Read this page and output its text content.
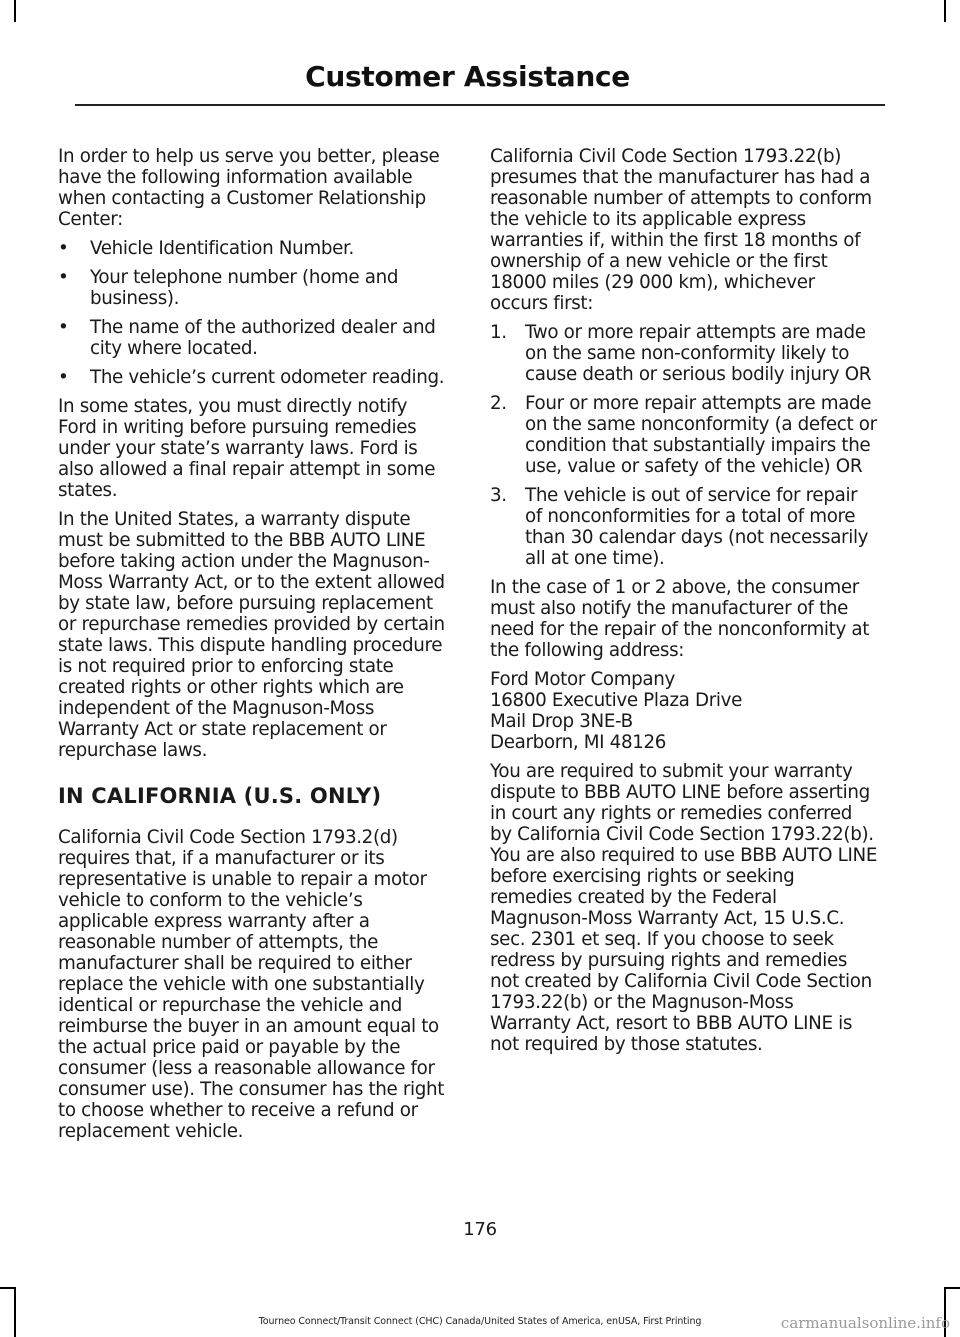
Customer Assistance

In order to help us serve you better, please have the following information available when contacting a Customer Relationship Center:

• Vehicle Identification Number.
• Your telephone number (home and business).
• The name of the authorized dealer and city where located.
• The vehicle’s current odometer reading.

In some states, you must directly notify Ford in writing before pursuing remedies under your state’s warranty laws. Ford is also allowed a final repair attempt in some states.

In the United States, a warranty dispute must be submitted to the BBB AUTO LINE before taking action under the Magnuson-Moss Warranty Act, or to the extent allowed by state law, before pursuing replacement or repurchase remedies provided by certain state laws. This dispute handling procedure is not required prior to enforcing state created rights or other rights which are independent of the Magnuson-Moss Warranty Act or state replacement or repurchase laws.

IN CALIFORNIA (U.S. ONLY)

California Civil Code Section 1793.2(d) requires that, if a manufacturer or its representative is unable to repair a motor vehicle to conform to the vehicle’s applicable express warranty after a reasonable number of attempts, the manufacturer shall be required to either replace the vehicle with one substantially identical or repurchase the vehicle and reimburse the buyer in an amount equal to the actual price paid or payable by the consumer (less a reasonable allowance for consumer use). The consumer has the right to choose whether to receive a refund or replacement vehicle.

California Civil Code Section 1793.22(b) presumes that the manufacturer has had a reasonable number of attempts to conform the vehicle to its applicable express warranties if, within the first 18 months of ownership of a new vehicle or the first 18000 miles (29 000 km), whichever occurs first:

1. Two or more repair attempts are made on the same non-conformity likely to cause death or serious bodily injury OR
2. Four or more repair attempts are made on the same nonconformity (a defect or condition that substantially impairs the use, value or safety of the vehicle) OR
3. The vehicle is out of service for repair of nonconformities for a total of more than 30 calendar days (not necessarily all at one time).

In the case of 1 or 2 above, the consumer must also notify the manufacturer of the need for the repair of the nonconformity at the following address:

Ford Motor Company
16800 Executive Plaza Drive
Mail Drop 3NE-B
Dearborn, MI 48126

You are required to submit your warranty dispute to BBB AUTO LINE before asserting in court any rights or remedies conferred by California Civil Code Section 1793.22(b). You are also required to use BBB AUTO LINE before exercising rights or seeking remedies created by the Federal Magnuson-Moss Warranty Act, 15 U.S.C. sec. 2301 et seq. If you choose to seek redress by pursuing rights and remedies not created by California Civil Code Section 1793.22(b) or the Magnuson-Moss Warranty Act, resort to BBB AUTO LINE is not required by those statutes.

176
Tourneo Connect/Transit Connect (CHC) Canada/United States of America, enUSA, First Printing	carmanualsonline.info
